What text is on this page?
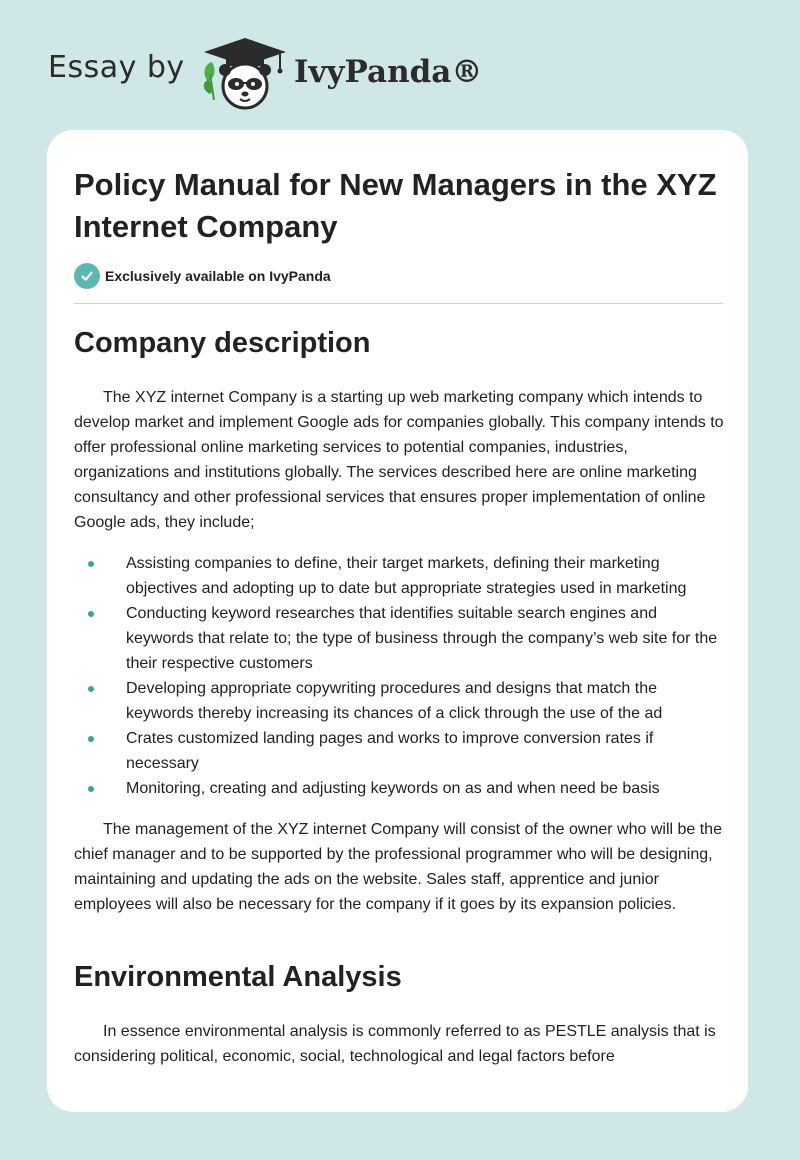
Essay by	IvyPanda®
Policy Manual for New Managers in the XYZ Internet Company
Exclusively available on IvyPanda
Company description

The XYZ internet Company is a starting up web marketing company which intends to develop market and implement Google ads for companies globally. This company intends to offer professional online marketing services to potential companies, industries, organizations and institutions globally. The services described here are online marketing consultancy and other professional services that ensures proper implementation of online Google ads, they include;

Assisting companies to define, their target markets, defining their marketing objectives and adopting up to date but appropriate strategies used in marketing
Conducting keyword researches that identifies suitable search engines and keywords that relate to; the type of business through the company’s web site for the their respective customers
Developing appropriate copywriting procedures and designs that match the keywords thereby increasing its chances of a click through the use of the ad
Crates customized landing pages and works to improve conversion rates if necessary
Monitoring, creating and adjusting keywords on as and when need be basis

The management of the XYZ internet Company will consist of the owner who will be the chief manager and to be supported by the professional programmer who will be designing, maintaining and updating the ads on the website. Sales staff, apprentice and junior employees will also be necessary for the company if it goes by its expansion policies.

Environmental Analysis

In essence environmental analysis is commonly referred to as PESTLE analysis that is considering political, economic, social, technological and legal factors before
